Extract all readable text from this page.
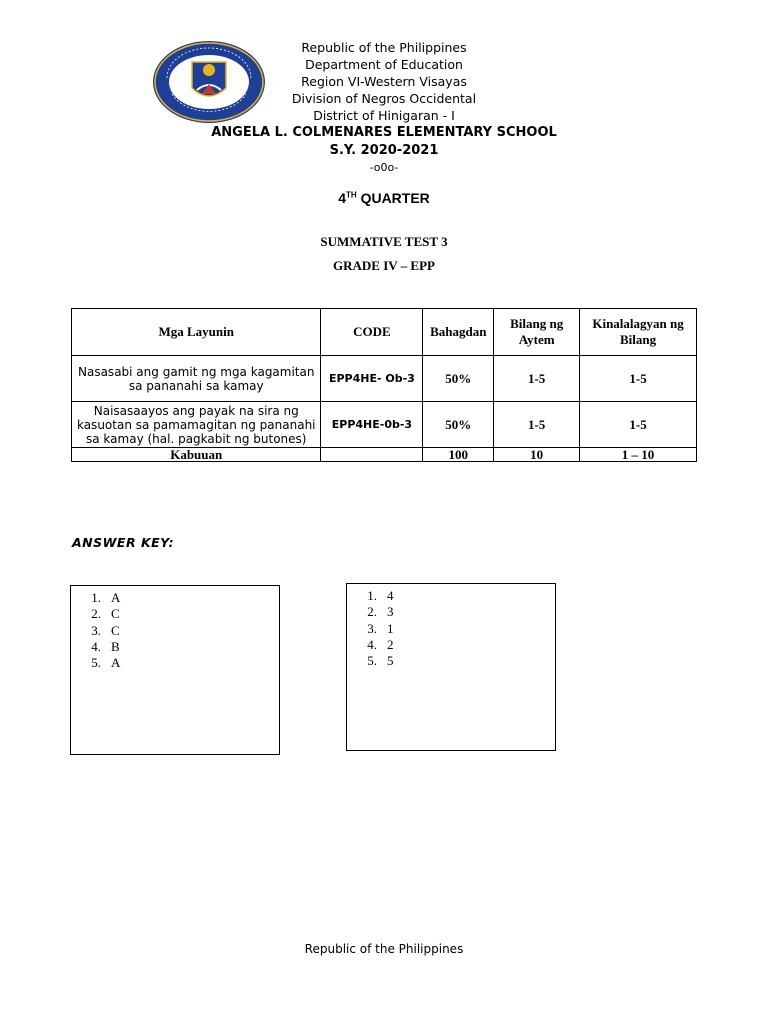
Republic of the Philippines
Department of Education
Region VI-Western Visayas
Division of Negros Occidental
District of Hinigaran - I
ANGELA L. COLMENARES ELEMENTARY SCHOOL
S.Y. 2020-2021
-o0o-
4TH QUARTER
SUMMATIVE TEST 3
GRADE IV – EPP
Mga Layunin	CODE	Bahagdan	Bilang ng Aytem	Kinalalagyan ng Bilang
Nasasabi ang gamit ng mga kagamitan sa pananahi sa kamay	EPP4HE- Ob-3	50%	1-5	1-5
Naisasaayos ang payak na sira ng kasuotan sa pamamagitan ng pananahi sa kamay (hal. pagkabit ng butones)	EPP4HE-0b-3	50%	1-5	1-5
Kabuuan		100	10	1 – 10
ANSWER KEY:
1. A
2. C
3. C
4. B
5. A
1. 4
2. 3
3. 1
4. 2
5. 5
Republic of the Philippines
